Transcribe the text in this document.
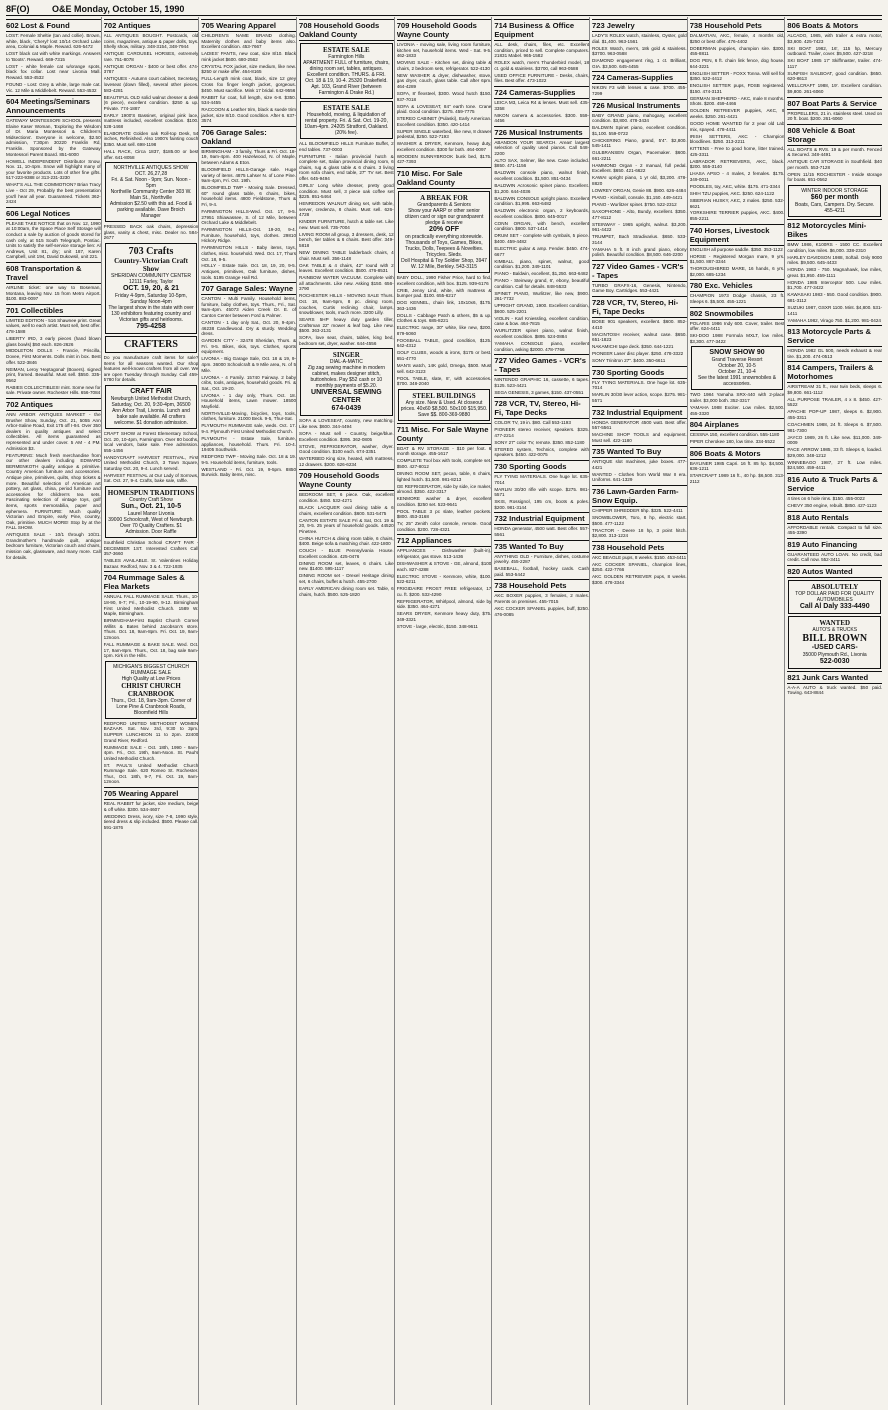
8F(O)	O&E Monday, October 15, 1990
602 Lost & Found
LOST: Female Sheltie (tan and collie). Brown, white, black, 'Cheryl' lost 10/14 Orchard Lake area, Colonial & Maple. Reward. 626-5472
LOST black cat with white markings. Answers to 'Boots'. Reward. 669-7315
LOST - white female cat w/orange spots, black fox collar. Lost near Livonia Mall. Reward. 553-4532
FOUND - Lost: Grey & white, large male cat. Vic. 12 Mile & Middlebelt. Reward. 553-4532
604 Meetings/Seminars Announcements
GATEWAY MONTESSORI SCHOOL presents Elaine Kaser Woman, 'Exploring the Wisdom of Dr. Maria Montessori & Children's Midsections'. Everyone is welcome, $2.50 admission, 7:30pm 30220 Franklin Rd, Franklin. Sponsored by the Gateway Montessori Parent Board. 851-6000
HOWELL INDEPENDENT Distributor Snow, Nov. 11, 10-4pm. Snow will highlight many of your favorite products. Lots of other fine gifts. 517-223-9388 or 313-231-3230
WHAT'S ALL THE COMMOTION? Brian Tracy Live - Oct 29, Probably the best presentation you'll hear all year. Guaranteed. Tickets 362-2424
606 Legal Notices
PLEASE TAKE NOTICE that on Nov. 12, 1990 at 10:00am, the Space Place Self Storage will conduct a sale by auction of goods stored for cash only, at 515 South Telegraph, Pontiac. Units to satisfy the self-service storage lien: Al Andrews, Unit 81, dry; unit 187, Karen Campbell, unit 194, David Dukowsil, unit 221.
608 Transportation & Travel
AIRLINE ticket: one way to Boseman, Montana, leaving Nov. 15 from Metro Airport. $100. 883-0097
701 Collectibles
LIMITED EDITION - 516 Shawnee print. Great values, well to each artist. Must sell, best offer. 478-1588
LIBERTY IRD, 3 early pieces (hand blown glass bowls) $50 each. 826-2626
MIDDLETON DOLLS - Francie, Priscilla, Dovee, First Moments. Dolls mint in box. Best offer. 522-3846
NEIMAN, Leroy 'Heptagonal' (Boxers). signed print, framed. Beautiful. Must sell. $550. 335-9562
RABIES COLLECTIBLES! mint. Some new for sale. Private owner. Rochester Hills. 656-7084
702 Antiques
ANN ARBOR ANTIQUES MARKET - the Brusher Show, Sunday, Oct. 21, 5055 Ann Arbor-Saline Road, Exit 175 off I-94. Over 350 dealers in quality antiques and select collectibles. All items guaranteed as represented and under cover. 5 AM - 4 PM. Admission $3.
FEATURING: Much fresh merchandise from our other dealers including EDWARD BERMENKOTH quality antique & primitive. Country American furniture and accessories. Antique pine, primitives, quilts, shop tickets & more. Beautiful selection of American art pottery, art glass, china, period furniture and accessories for children's tea sets. Fascinating selection of vintage toys, golf items, sports memorabilia, paper and ephemera. FURNITURE: Much quality Victorian and Empire, early Pine, country, Oak, primitive. MUCH MORE! Stop by at the FALL SHOW.
ANTIQUES SALE - 10/1 through 10/31. Grandmother's handmade quilt, antique bedroom furniture, Victorian couch and chairs, mission oak, glassware, and many more. Call for details.
702 Antiques
ALL ANTIQUES BOUGHT. Postcards, old coins, magazines, antique & paper dolls, toys. Shelly show, military. 348-3154, 348-7944
ANTIQUE CAROUSEL HORSES, extremely rare. 751-8078
ANTIQUE ORGAN - $400 or best offer. 474-3787
ANTIQUES - Autumn court cabinet, Secretary, loveseat (down filled), several other pieces. 583-4281
BEAUTIFUL OLD solid walnut dresser & desk (6 piece), excellent condition. $250 & up. Private. 774-1887
EARLY 1900'S Bassinet, original pink lace, mattress included, excellent condition. $100. 528-1468
ELABORATE Golden oak Roll-top Desk, 54 inches, Refinished. Also 1900's fainting couch $350. Must sell. 698-1198
HALL RACK, Circa 1837, $185.00 or best offer. 641-8058
NORTHVILLE ANTIQUES SHOW
OCT. 26,27,28
Fri. & Sat. Noon - 9pm; Sun. Noon - 5pm
Northville Community Center 303 W. Main St., Northville
Admission $2.50 with this ad. Food & parking available. Dave Broich Manager
PRESSED BACK oak chairs, depression glass, vanity & chest, misc. Dealer no. 584-2677
703 Crafts
Country-Victorian Craft Show
SHERIDAN COMMUNITY CENTER 12111 Farley, Taylor
OCT. 19, 20, & 21
Friday 4-9pm, Saturday 10-5pm, Sunday Noon-4pm
The largest show in the state with over 130 exhibitors featuring country and Victorian gifts and heirlooms.
795-4258
CRAFTERS
Do you manufacture craft items for sale? Items for all seasons wanted. Our shop features well-known crafters from all over. We are open Tuesday through Sunday. Call 459-5780 for details.
CRAFT FAIR
Newburgh United Methodist Church, Saturday, Oct. 20, 9:30-4pm, 36500 Ann Arbor Trail, Livonia. Lunch and bake sale available. All crafters welcome. $1 donation admission.
CRAFT SHOW at Forest Elementary School, Oct. 20, 10-4pm, Farmington. Over 80 booths, local vendors, bake sale. Free admission. 655-1456
HANDYCRAFT HARVEST FESTIVAL, First United Methodist Church, 3 Town Square, Saturday Oct. 20, 9-4. Lunch served.
HARVEST FESTIVAL at Our Lady of Sorrows, Sat. Oct. 27, 9-4. Crafts, bake sale, raffle.
HOMESPUN TRADITIONS
Country Craft Show
Sun., Oct. 21, 10-5
Laurel Manor Livonia
39000 Schoolcraft, West of Newburgh. Over 70 Quality Crafters. $1 Admission. Door Raffle
Southfield Christian School CRAFT FAIR - DECEMBER 1ST. Interested Crafters Call 357-3660
TABLES AVAILABLE. St. Valentines Holiday Bazaar. Redford, Nov. 3 & 4. 722-1935
704 Rummage Sales & Flea Markets
ANNUAL FALL RUMMAGE SALE. Thurs., 10-18-90, 9-7; Fri., 10-19-90, 9-12. Birmingham First United Methodist Church. 1589 W. Maple, Birmingham.
BIRMINGHAM-First Baptist Church Corner Willits & Bates behind Jacobson's store. Thurs. Oct. 18, 9am-8pm. Fri. Oct. 19, 9am-12noon.
FALL RUMMAGE & BAKE SALE. Wed. Oct. 17, 9am-8pm. Thurs., Oct. 18, bag sale 9am-1pm. Kirk in the Hills.
MICHIGAN'S BIGGEST CHURCH RUMMAGE SALE
High Quality at Low Prices
CHRIST CHURCH CRANBROOK
Thurs., Oct. 18, 9am-3pm. Corner of Lone Pine & Cranbrook Roads, Bloomfield Hills
REDFORD UNITED METHODIST WOMEN BAZAAR. Sat. Nov. 3rd, 9:30 to 3pm. SUPPER LUNCHEON 11 to 2pm. 22400 Grand River, Redford.
RUMMAGE SALE - Oct. 18th, 1990 - 9am-4pm. Fri., Oct. 19th, 9am-Noon. St. Paul's United Methodist Church.
ST. PAUL'S United Methodist Church Rummage Sale. 620 Romeo St. Rochester. Thur., Oct. 18th, 9-7, Fri. Oct. 19, 9am-12noon.
705 Wearing Apparel
REAL RABBIT fur jacket, size medium, beige & off white. $300. 534-4607
WEDDING Dress, ivory, size 7-8, 1990 style, tiered dress & slip included. $500. Please call. 591-1876
705 Wearing Apparel
CHILDREN'S NAME BRAND clothing. Maternity clothes and baby items also. Excellent condition. 453-7667
LADIES' PANTS, new coat, size 8/10. Black mink jacket $600. 680-2562
CRYSTAL FOX jacket, size medium, like new. $250 or make offer. 464-8165
FULL-Length mink coat, black, size 12 grey Cross fox finger length jacket, gorgeous. $450. Must sacrifice. Mink 17 bridal. 642-9556
RABBIT fur coat, full length, size 6-8. $350. 534-4455
RACCOON & Leather trim, black & suede trim jacket, size 8/10. Good condition. After 6. 637-3574
706 Garage Sales: Oakland
BIRMINGHAM - 3 family, Thurs & Fri. Oct. 18-19, 9am-4pm. 400 Hazelwood, N. of Maple, between Adams & Eton.
BLOOMFIELD HILLS-Garage sale. Huge variety of items. 4875 Lahser N. of Lone Pine. 9am-4pm, Fri. Oct. 19th.
BLOOMFIELD TWP - Moving Sale. Dressed, 60" round glass table, 6 chairs, bikes, household items. 4800 Fieldstone, Thurs & Fri, 9-4.
FARMINGTON HILLS-Wed. Oct. 17, 9-5. 27951 Shiawassee, S. of 12 Mile, between Orchard Lake & Middlebelt.
FARMINGTON HILLS-Oct. 19-20, 9-4. Furniture, household, toys, clothes. 29810 Hickory Ridge.
FARMINGTON HILLS - Baby items, toys, clothes, misc. household. Wed. Oct. 17, Thurs Oct. 18, 9-5.
HOLLY - Estate Sale. Oct. 18, 19, 20, 9-5. Antiques, primitives, Oak furniture, dishes, tools. 5195 Grange Hall Rd.
707 Garage Sales: Wayne
CANTON - Multi Family. Household items, furniture, baby clothes, toys. Thurs., Fri., Sat. 9am-4pm. 45073 Aiden Creek Dr. E. of Canton Center between Ford & Palmer.
CANTON - 1 day only Sat., Oct. 20, 9-4pm. 46238 Candlewood. Dry & sturdy. Wedding dress.
GARDEN CITY - 32478 Sheridan, Thurs. & Fri. 9-5. Bikes, skis, toys. Clothes, sports equipment.
LIVONIA - Big Garage Sale, Oct. 18 & 19, 9-4pm. 36000 Schoolcraft & 9 Mile area, N. of 5 Mile.
LIVONIA - 4 Family. 15740 Fairway. 2 baby cribs, tools, antiques, household goods. Fri. & Sat., Oct. 19-20.
LIVONIA - 1 day only, Thurs. Oct. 18. Household items, Lawn mower. 18500 Mayfield.
NORTHVILLE-Moving, bicycles, toys, tools, clothes, furniture. 21000 Beck. 9-5, Thur-Sat.
PLYMOUTH RUMMAGE sale, weds. Oct. 17. 9-4. Plymouth First United Methodist Church.
PLYMOUTH - Estate Sale, furniture, appliances, household. Thurs. Fri. 10-4. 19405 Southwick.
REDFORD TWP - Moving Sale. Oct. 18 & 19. 9-5. Household items, furniture, tools.
WESTLAND - Fri. Oct. 19, 9-5pm. 8850 Burwick. Baby items, misc.
708 Household Goods Oakland County
ESTATE SALE
Farmington Hills
APARTMENT FULL of furniture, chairs, dining room set, tables, antiques. Excellent condition. THURS. & FRI. Oct. 18 & 19, 10-4. 25320 Drakefield. Apt. 103, Grand River (between Farmington & Drake Rd.)
ESTATE SALE
Household, moving, & liquidation of rental property. Fri. & Sat. Oct. 19-20, 10am-4pm. 24205 Stratford, Oakland. (20% fee).
ALL BLOOMFIELD HILLS Furniture Buffet, 2 end tables. 737-0003
FURNITURE - Italian provincial hutch & complete set, Italian provincial dining room, 6 chairs, rug & glass table & 6 chairs. 3 living room sofa chairs, end table, 27" TV set. Best offer. 645-9494
GIRLS' Long white dresser, pretty good condition. Must sell, 3 piece oak coffee set $225. 851-5464
HENREDON WALNUT dining set, with table, server, credenza, 8 chairs. Must sell. 626-4728
KINDER FURNITURE, hutch & table set. Like new. Must sell. 735-7004
LIVING ROOM all group, 3 dressers, desk, 12 bench, tier tables & 6 chairs. Best offer. 349-5818
NEW DINING TABLE ladderback chairs, 4 chair. Must sell. 356-1148
OAK TABLE & 4 chairs, 42" round with 2 leaves. Excellent condition. $500. 476-8531
RAINBOW WATER VACUUM. Complete with all attachments. Like new. Asking $150. 656-3790
ROCHESTER HILLS - MOVING SALE Thurs. Oct. 18, 9am-5pm, 8 pc. dining room, couches, Curtis reclining chair, lamps, snowblower, tools, much more. 3200 Lilly.
SEARS 5HP heavy duty garden tiller, Craftsman 22" mower & leaf bag. Like new. $500. 363-2131
SOFA, love seat, chairs, tables, king bed, bedroom set, dryer, washer. 644-4556
SINGER
DIAL-A-MATIC
Zig zag sewing machine in modern cabinet, makes designer stitch, buttonholes. Pay $52 cash or 10 monthly payments of $5.20.
UNIVERSAL SEWING CENTER
674-0439
SOFA & LOVESEAT, country, new matching. Like new. $600. 344-4494
SOFA - Must sell - Country, beige/blue. Excellent condition. $395. 362-0805
STOVE, REFRIGERATOR, washer, dryer. Good condition. $100 each. 674-3351
WATERBED King size, heated, with mattress, 12 drawers. $200. 626-6234
709 Household Goods Wayne County
BEDROOM SET, 6 piece. Oak, excellent condition. $450. 532-4271
BLACK LACQUER oval dining table & 6 chairs, excellent condition. $600. 531-5475
CANTON ESTATE SALE Fri & Sat, Oct. 19 & 20, 9-5. 25 years of household goods. 44520 Pinetree.
CHINA HUTCH & dining room table, 6 chairs, $400. Beige sofa & matching chair. 422-1800
COUCH - BLUE Pennsylvania House. Excellent condition. 425-0476
DINING ROOM set, leaves, 6 chairs. Like new. $1400. 595-1117
DINING ROOM set - Drexel Heritage dining set, 6 chairs, buffet & hutch. 455-2700
EARLY AMERICAN dining room set. Table, 6 chairs, hutch. $500. 525-1820
709 Household Goods Wayne County
LIVONIA - moving sale, living room furniture, kitchen set, household items. Wed - Sat. 9-5. 462-1833
MOVING SALE - Kitchen set, dining table & chairs, 2 bedroom sets, refrigerator. 522-4130
NEW WASHER & dryer, dishwasher, stove, gas dryer, couch, glass table. Call after 6pm. 464-4289
SOFA, 8' flexsteel, $300. Wood hutch $150. 937-7018
SOFA & LOVESEAT, 84" earth tone. Crane plaid. Good condition. $275. 459-7775
STEREO CABINET (Pulaski), Early American. Excellent condition. $350. 420-1414
SUPER SINGLE waterbed, like new, 8 drawer pedestal, $250. 522-7193
WASHER & DRYER, Kenmore, heavy duty, excellent condition. $300 for both. 464-0097
WOODEN SUNNYBROOK bunk bed, $175. 427-7393
710 Misc. For Sale Oakland County
A BREAK FOR
Grandparents & Seniors
Show your AARP or other senior citizen card or sign our grandparent pledge & receive
20% OFF
on practically everything storewide. Thousands of Toys, Games, Bikes, Trucks, Dolls, Teepees & Novelties. Tricycles. Sleds.
Doll Hospital & Toy Soldier Shop, 3947 W. 12 Mile, Berkley. 543-3115
BABY DOLL, 1990 Fisher Price, hard to find, excellent condition, with box. $125. 939-6176
CRIB, Jenny Lind, white, with mattress & bumper pad. $100. 655-6217
DOG KENNEL, chain link, 10x10x6, $175. 363-1436
DOLLS - Cabbage Patch & others, $5 & up. Clothes & toys. 685-8221
ELECTRIC range, 30" white, like new, $200. 879-5060
FOOSBALL TABLE, good condition, $125. 642-4312
GOLF CLUBS, woods & irons, $175 or best. 651-4770
MAN'S watch, 14K gold, Omega, $500. Must sell. 642-3123
POOL TABLE, slate, 8', with accessories. $700. 348-2040
STEEL BUILDINGS
Any size. New & Used. At closeout prices. 40x60 $8,500. 50x100 $15,950. Save $$. 800-369-9880
711 Misc. For Sale Wayne County
BOAT & RV STORAGE - $10 per foot. 6 month storage. 455-1617
COMPLETE Tool box with tools, complete set. $500. 427-8012
DINING ROOM SET, pecan, table, 6 chairs, lighted hutch. $1,500. 981-8213
GE REFRIGERATOR, side by side, ice maker, almond. $350. 422-3317
KENMORE washer & dryer, excellent condition. $250 set. 523-9641
POOL TABLE 3 pc slate, leather pockets. $800. 453-3168
TV, 25" Zenith color console, remote. Good condition. $200. 728-4321
712 Appliances
APPLIANCES - Dishwasher (built-in), refrigerator, gas stove. 513-1436
DISHWASHER & STOVE - GE, almond, $100 each. 827-4288
ELECTRIC STOVE - Kenmore, white, $100. 522-6211
FRIGIDAIRE FROST FREE refrigerator, 17 cu. ft. $200. 532-4290
REFRIGERATOR, Whirlpool, almond, side by side. $350. 464-4271
SEARS DRYER, Kenmore heavy duty, $75. 349-3321
STOVE - large, electric, $150. 348-9611
714 Business & Office Equipment
ALL desk, chairs, files, etc. Excellent condition, priced to sell. Complete computers. 21831 Mabel. 965-1582
ROLEX watch, men's Thunderbird model, 18 ct. gold & stainless. $3700, call 963-0588
USED OFFICE FURNITURE - Desks, chairs, files. Best offer. 473-1022
724 Cameras-Supplies
LEICA M3, Leica R4 & lenses. Must sell. 435-3358
NIKON camera & accessories. $300. 559-4456
726 Musical Instruments
ABANDON YOUR SEARCH. Areas' largest selection of quality used pianos. Call 548-2200
ALTO SAX, Selmer, like new. Case included. $850. 471-1156
BALDWIN console piano, walnut finish, excellent condition. $1,500. 851-0434
BALDWIN Acrosonic spinet piano. Excellent. $1,200. 644-4036
BALDWIN CONSOLE upright piano. Excellent condition. $1,995. 663-6482
BALDWIN electronic organ, 2 keyboards, excellent condition. $800. 645-0017
CONN ORGAN, with bench, excellent condition. $800. 537-1414
DRUM SET - complete with cymbals, 5 piece. $400. 459-4482
ELECTRIC guitar & amp. Fender. $450. 474-6677
KIMBALL piano, spinet, walnut, good condition. $1,200. 349-1101
PIANO - Baldwin, excellent, $1,250. 663-6482
PIANO - Steinway grand, 6', ebony, beautiful condition. Call for details. 848-5533
SPINET PIANO, Wurlitzer, like new, $900. 261-7732
UPRIGHT GRAND, 1900. Excellent condition, $600. 525-2201
VIOLIN - Karl Kniessling, excellent condition, case & bow. 464-7815
WURLITZER spinet piano, walnut finish, excellent condition. $895. 524-0884
YAMAHA CONSOLE piano, excellent condition, asking $2000. 478-7766
727 Video Games - VCR's - Tapes
NINTENDO GRAPHIC 16, cassette, 6 tapes. $125. 523-4421
SEGA GENESIS, 3 games, $150. 437-0551
728 VCR, TV, Stereo, Hi-Fi, Tape Decks
COLOR TV, 19 in. $80. Call 553-1193
PIONEER stereo receiver, speakers. $325. 477-2214
SONY 27" color TV, remote. $350. 852-1180
STEREO system, Technics, complete with speakers. $450. 422-0075
730 Sporting Goods
FLY TYING MATERIALS. One huge lot. 635-7014
MARLIN 30/30 rifle with scope. $275. 981-5571
SKIS, Rossignol, 195 cm, boots & poles. $200. 981-3144
732 Industrial Equipment
HONDA generator, 4500 watt. Best offer. 557-5561
735 Wanted To Buy
ANYTHING OLD - Furniture, dishes, costume jewelry. 455-2287
BASEBALL, football, hockey cards. Cash paid. 553-5442
738 Household Pets
AKC BOXER puppies, 3 females, 2 males. Parents on premises. 455-7015
AKC COCKER SPANIEL puppies, buff, $250. 476-0085
723 Jewelry
LADY'S ROLEX watch, stainless, Oyster, gold dial. $1,400. 963-1561
ROLEX Watch, men's, 18k gold & stainless. $3700. 963-0588
DIAMOND engagement ring, 1 ct. Brilliant, GIA. $3,500. 645-4455
724 Cameras-Supplies
NIKON F3 with lenses & case. $700. 455-7299
726 Musical Instruments
BABY GRAND piano, mahogany, excellent condition. $3,800. 478-3434
BALDWIN Spinet piano, excellent condition. $1,100. 559-0722
CHICKERING Piano, grand, 5'4". $2,800. 545-1411
GULBRANSEN Organ, Pacemaker. $600. 661-2211
HAMMOND Organ - 2 manual, full pedal. Excellent. $650. 421-6622
KAWAI upright piano, 1 yr old, $3,200. 478-8820
LOWREY ORGAN, Genie 88. $900. 626-4484
PIANO - Kimball, console. $1,150. 449-4421
PIANO - Wurlitzer spinet. $750. 522-2312
SAXOPHONE - Alto, Bundy, excellent. $350. 477-8112
STEINWAY - 1965 upright, walnut. $3,200. 961-4422
TRUMPET, Bach Stradivarius. $650. 533-3144
YAMAHA 5 ft. 8 inch grand piano, ebony polish. Beautiful condition. $8,500. 646-2200
727 Video Games - VCR's - Tapes
TURBO GRAFX-16, Genesis, Nintendo, Game Boy. Cartridges. 553-4421
728 VCR, TV, Stereo, Hi-Fi, Tape Decks
BOSE 901 speakers, excellent. $600. 852-4410
MACINTOSH receiver, walnut case. $650. 651-1823
NAKAMICHI tape deck. $350. 644-1221
PIONEER Laser disc player. $250. 478-3322
SONY Trinitron 27". $400. 350-6611
730 Sporting Goods
FLY TYING MATERIALS. One huge lot. 635-7014
MARLIN 30/30 lever action, scope. $275. 981-5571
732 Industrial Equipment
HONDA GENERATOR 4500 watt. Best offer. 557-5561
MACHINE SHOP TOOLS and equipment. Must sell. 422-1180
735 Wanted To Buy
ANTIQUE slot machines, juke boxes. 477-4421
WANTED - Clothes from World War II era. Uniforms. 641-1329
736 Lawn-Garden Farm-Snow Equip.
CHIPPER SHREDDER 5hp. $325. 522-4411
SNOWBLOWER, Toro, 8 hp, electric start. $500. 477-1122
TRACTOR - Deere 18 hp, 3 point hitch. $2,800. 313-1224
738 Household Pets
AKC BEAGLE pups, 8 weeks. $150. 453-4411
AKC COCKER SPANIEL, champion lines, $250. 422-7766
AKC GOLDEN RETRIEVER pups, 8 weeks. $300. 478-3344
738 Household Pets
DALMATIAN, AKC, female, 4 months old, $250 or best offer. 476-4402
DOBERMAN puppies, champion sire. $300. 455-8811
DOG PEN, 6 ft. chain link fence, dog house. 644-3221
ENGLISH SETTER - FOXX Tonna. Will sell for $350. 522-4412
ENGLISH SETTER pups, FDSB registered. $150. 474-3131
GERMAN SHEPHERD - AKC, male 8 months. Shots. $200. 459-4466
GOLDEN RETRIEVER puppies, AKC, 8 weeks. $250. 261-4421
GOOD HOME WANTED for 2 year old Lab mix, spayed. 478-4411
IRISH SETTERS, AKC - Champion bloodlines. $250. 313-2211
KITTENS - Free to good home, litter trained. 425-3311
LABRADOR RETRIEVERS, AKC, black. $200. 555-3140
LHASA APSO - 4 males, 2 females. $175. 349-0011
POODLES, toy, AKC, white. $175. 471-3344
SHIH TZU puppies, AKC. $250. 624-1122
SIBERIAN HUSKY, AKC, 2 males. $250. 532-6621
YORKSHIRE TERRIER puppies, AKC. $400. 855-2211
740 Horses, Livestock Equipment
ENGLISH all purpose saddle. $350. 353-1122
HORSE - Registered Morgan mare, 9 yrs. $1,500. 887-3344
THOROUGHBRED MARE, 16 hands, 6 yrs. $2,000. 685-1234
780 Exc. Vehicles
CHAMPION 1973 Dodge chassis, 23 ft. Sleeps 6. $5,500. 455-1221
802 Snowmobiles
POLARIS 1986 Indy 600. Cover, trailer. Best offer. 624-4411
SKI-DOO 1988 Formula MXLT, low miles. $3,300. 477-3422
SNOW SHOW 90
Grand Traverse Resort
October 20, 10-5
October 21, 10-4
See the latest 1991 snowmobiles & accessories.
TWO 1984 Yamaha SRX-440 with 2-place trailer. $3,000 both. 352-3317
YAMAHA 1988 Exciter. Low miles. $2,500. 455-3320
804 Airplanes
CESSNA 150, excellent condition. 555-1180
PIPER Cherokee 180, low time. 334-5522
806 Boats & Motors
BAYLINER 1985 Capri. 16 ft. 85 hp. $4,500. 636-1211
STARCRAFT 1989 16 ft., 40 hp. $6,500. 313-2112
806 Boats & Motors
ALCADO, 1985, with trailer & extra motor, $3,600. 425-7423
SKI BOAT 1982, 16', 115 hp, Mercury outboard. Trailer, cover. $5,500. 427-3218
SKI BOAT 1985 17' Skiffmaster, trailer. 474-1117
SUNFISH SAILBOAT, good condition. $650. 620-8613
WELLCRAFT 1988, 19'. Excellent condition. $9,800. 261-6060
807 Boat Parts & Service
PROPELLERS, 21 in. stainless steel. Used on 20 ft. boat. $200. 261-6060
808 Vehicle & Boat Storage
ALL BOATS & RVS. 19 & per month. Fenced & Secured. 348-4491
ANTIQUE CAR STORAGE in Southfield. $40 per month. 553-7128
OPEN 11/15 ROCHESTER - Inside storage for boats. 651-0562
WINTER INDOOR STORAGE
$60 per month
Boats, Cars, Campers. Dry. Secure. 455-4211
812 Motorcycles Mini-Bikes
BMW 1986, K100RS - 1500 CC. Excellent condition, low miles. $6,000. 338-2310
HARLEY DAVIDSON 1988, Softail. Only 9000 miles. $9,500. 645-4433
HONDA 1983 - 750. Magnahawk, low miles, great. $1,950. 459-1111
HONDA 1985 Interceptor 500. Low miles. $1,700. 477-3422
KAWASAKI 1983 - 550. Good condition. $900. 681-3112
SUZUKI 1987, GSXR 1100. Mint. $4,800. 531-1411
YAMAHA 1982, Virago 750. $1,200. 981-0424
813 Motorcycle Parts & Service
HONDA 1982 GL 500, needs exhaust & rear tire. $1,200. 474-0513
814 Campers, Trailers & Motorhomes
AIRSTREAM 31 ft., rear twin beds, sleeps 6. $9,800. 661-1112
ALL PURPOSE TRAILER, 4 x 8. $450. 427-5522
APACHE POP-UP 1987, sleeps 6. $2,900. 455-3311
COACHMEN 1988, 24 ft. Sleeps 6. $7,500. 981-7300
JAYCO 1989, 26 ft. Like new. $11,000. 349-0009
PACE ARROW 1985, 33 ft. Sleeps 6, loaded. $29,000. 348-1212
WINNEBAGO 1987, 27 ft. Low miles. $24,500. 459-4411
816 Auto & Truck Parts & Service
4 tires on 6 hole rims. $150. 455-0022
CHEVY 350 engine, rebuilt. $850. 427-1123
818 Auto Rentals
AFFORDABLE rentals. Compact to full size. 455-3390
819 Auto Financing
GUARANTEED AUTO LOAN. No credit, bad credit. Call now. 552-3411
820 Autos Wanted
ABSOLUTELY
TOP DOLLAR PAID FOR QUALITY AUTOMOBILES
Call Al Daly 333-4490
WANTED
AUTO'S & TRUCKS
BILL BROWN
-USED CARS-
35000 Plymouth Rd., Livonia
522-0030
821 Junk Cars Wanted
A-A-A AUTO & truck wanted. $50 paid. Towing. 643-8844
